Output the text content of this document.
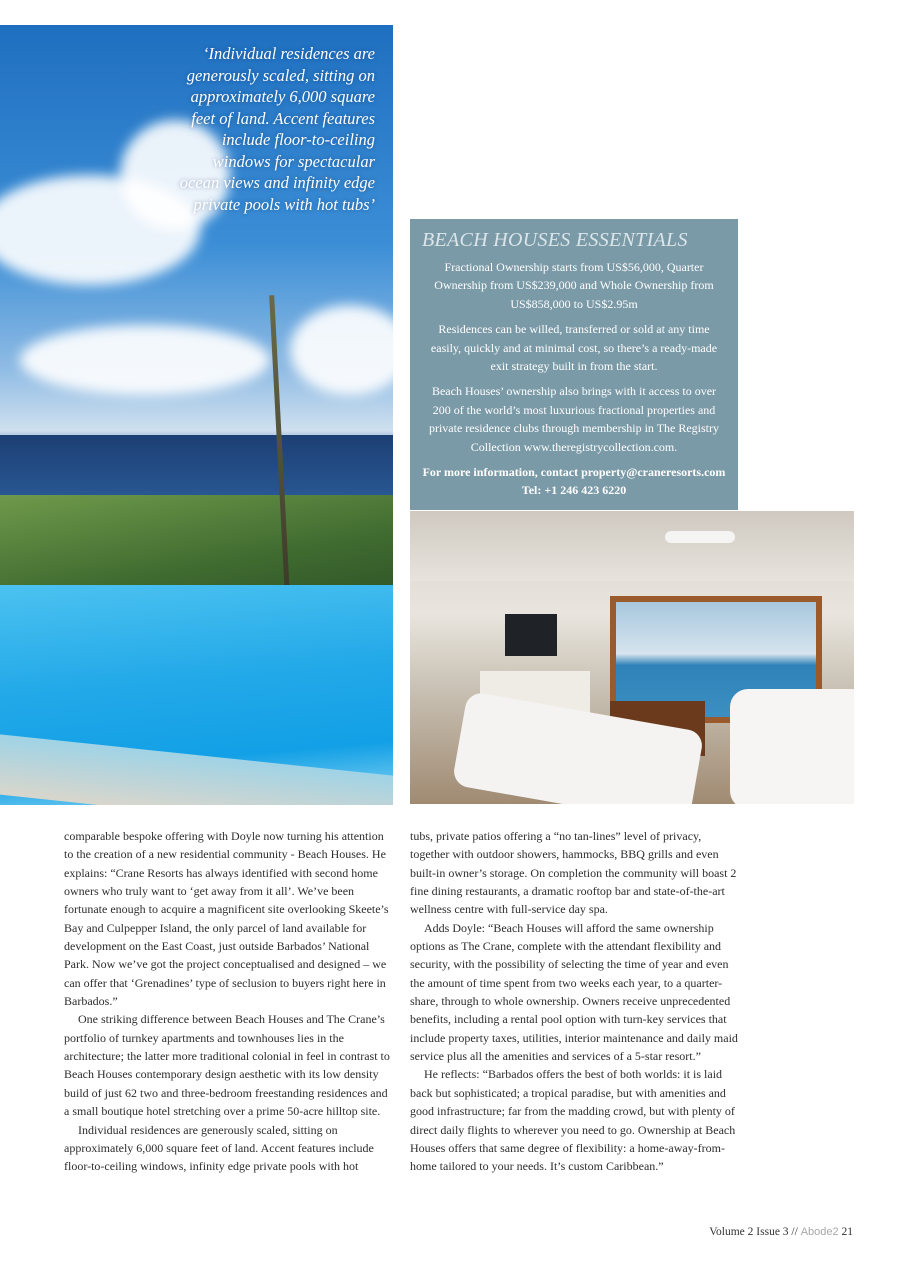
‘Individual residences are generously scaled, sitting on approximately 6,000 square feet of land. Accent features include floor-to-ceiling windows for spectacular ocean views and infinity edge private pools with hot tubs’

BEACH HOUSES ESSENTIALS

Fractional Ownership starts from US$56,000, Quarter Ownership from US$239,000 and Whole Ownership from US$858,000 to US$2.95m

Residences can be willed, transferred or sold at any time easily, quickly and at minimal cost, so there’s a ready-made exit strategy built in from the start.

Beach Houses’ ownership also brings with it access to over 200 of the world’s most luxurious fractional properties and private residence clubs through membership in The Registry Collection www.theregistrycollection.com.

For more information, contact property@craneresorts.com Tel: +1 246 423 6220

comparable bespoke offering with Doyle now turning his attention to the creation of a new residential community - Beach Houses. He explains: “Crane Resorts has always identified with second home owners who truly want to ‘get away from it all’. We’ve been fortunate enough to acquire a magnificent site overlooking Skeete’s Bay and Culpepper Island, the only parcel of land available for development on the East Coast, just outside Barbados’ National Park. Now we’ve got the project conceptualised and designed – we can offer that ‘Grenadines’ type of seclusion to buyers right here in Barbados.”

One striking difference between Beach Houses and The Crane’s portfolio of turnkey apartments and townhouses lies in the architecture; the latter more traditional colonial in feel in contrast to Beach Houses contemporary design aesthetic with its low density build of just 62 two and three-bedroom freestanding residences and a small boutique hotel stretching over a prime 50-acre hilltop site.

Individual residences are generously scaled, sitting on approximately 6,000 square feet of land. Accent features include floor-to-ceiling windows, infinity edge private pools with hot

tubs, private patios offering a “no tan-lines” level of privacy, together with outdoor showers, hammocks, BBQ grills and even built-in owner’s storage. On completion the community will boast 2 fine dining restaurants, a dramatic rooftop bar and state-of-the-art wellness centre with full-service day spa.

Adds Doyle: “Beach Houses will afford the same ownership options as The Crane, complete with the attendant flexibility and security, with the possibility of selecting the time of year and even the amount of time spent from two weeks each year, to a quarter-share, through to whole ownership. Owners receive unprecedented benefits, including a rental pool option with turn-key services that include property taxes, utilities, interior maintenance and daily maid service plus all the amenities and services of a 5-star resort.”

He reflects: “Barbados offers the best of both worlds: it is laid back but sophisticated; a tropical paradise, but with amenities and good infrastructure; far from the madding crowd, but with plenty of direct daily flights to wherever you need to go. Ownership at Beach Houses offers that same degree of flexibility: a home-away-from-home tailored to your needs. It’s custom Caribbean.”

Volume 2 Issue 3 // Abode2 21
